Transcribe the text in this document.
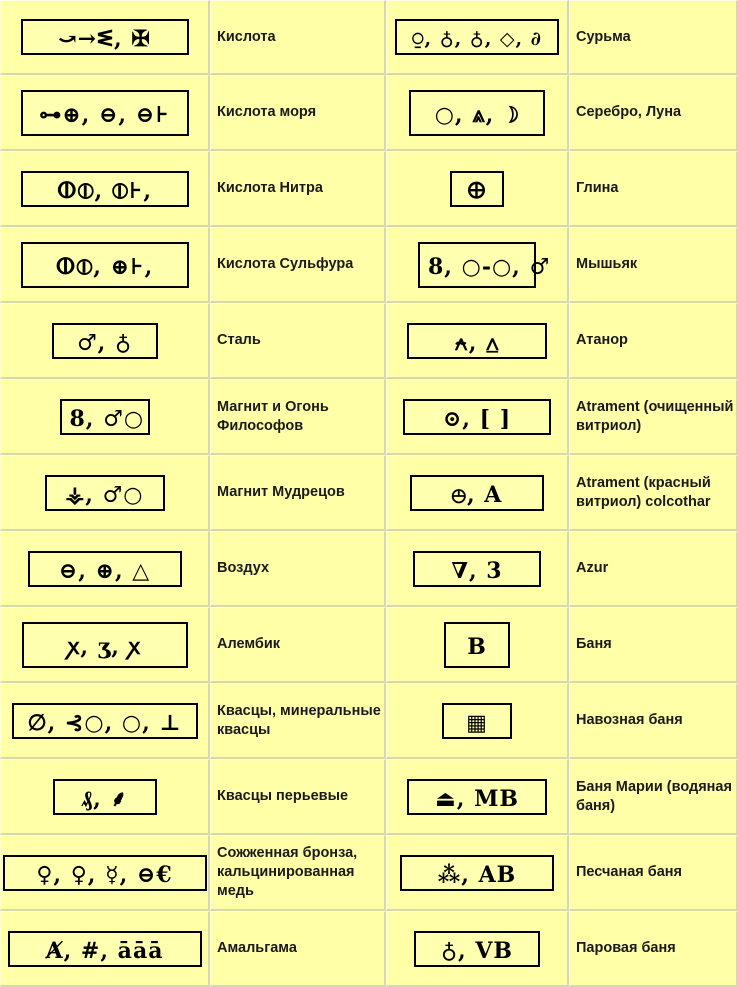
⤻→ᓬ, ✠	Кислота	⍜, ♁, ♁, ◇, ∂	Сурьма
⊶⊕, ⊖, ⊖⊦	Кислота моря	○, ⩓, ☽	Серебро, Луна
ⵀ⦶, ⦶⊦,	Кислота Нитра	🜨	Глина
ⵀ⦶, ⊕⊦,	Кислота Сульфура	8, ○-○, ♂	Мышьяк
♂, ♁	Сталь	⍲, ⩟	Атанор
8, ♂○	Магнит и Огонь Философов	⊙, [ ]	Atrament (очищенный витриол)
⚶, ♂○	Магнит Мудрецов	⦺, A	Atrament (красный витриол) colcothar
⊖, ⊕, △	Воздух	∇, 3	Azur
ꭗ, ʒ, ꭗ	Алембик	B	Баня
∅, ⊰○, ○, ⊥	Квасцы, минеральные квасцы	▦	Навозная баня
₰, ⸙	Квасцы перьевые	⏏, MB	Баня Марии (водяная баня)
♀, ♀, ☿, ⊖€	Сожженная бронза, кальцинированная медь	⁂, AB	Песчаная баня
Ⱥ, #, āāā	Амальгама	♁, VB	Паровая баня
